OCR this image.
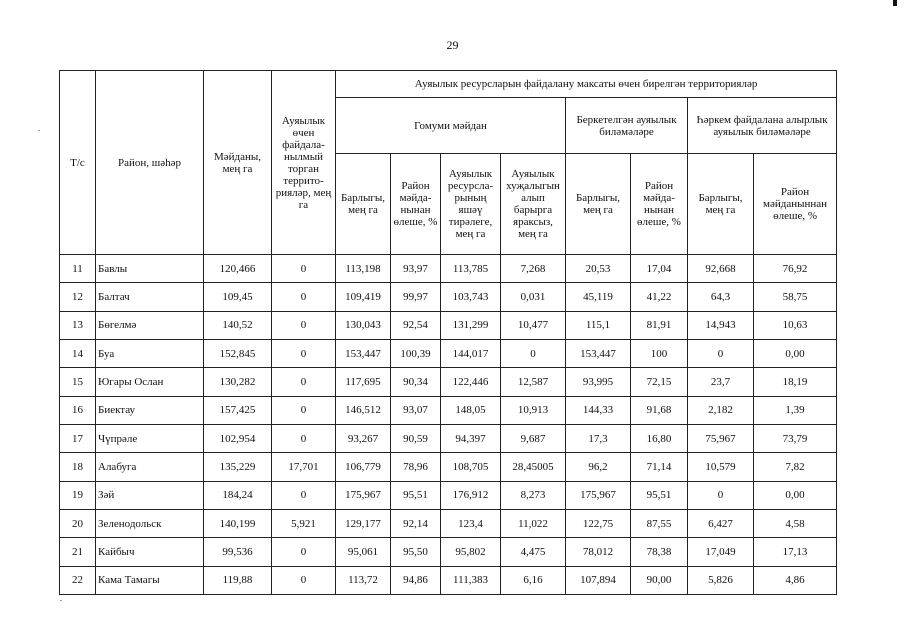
29
Т/с	Район, шәһәр	Мәйданы, мең га	Ауяылык өчен файдала-нылмый торган террито-рияләр, мең га	Ауяылык ресурсларын файдалану максаты өчен бирелгән территорияләр							
				Гомуми мәйдан				Беркетелгән ауяылык биләмәләре		Һәркем файдалана алырлык ауяылык биләмәләре	
				Барлыгы, мең га	Район мәйда-нынан өлеше, %	Ауяылык ресурсла-рының яшәү тирәлеге, мең га	Ауяылык хуҗалыгын алып барырга яраксыз, мең га	Барлыгы, мең га	Район мәйда-нынан өлеше, %	Барлыгы, мең га	Район мәйданыннан өлеше, %
11	Бавлы	120,466	0	113,198	93,97	113,785	7,268	20,53	17,04	92,668	76,92
12	Балтач	109,45	0	109,419	99,97	103,743	0,031	45,119	41,22	64,3	58,75
13	Бөгелмә	140,52	0	130,043	92,54	131,299	10,477	115,1	81,91	14,943	10,63
14	Буа	152,845	0	153,447	100,39	144,017	0	153,447	100	0	0,00
15	Югары Ослан	130,282	0	117,695	90,34	122,446	12,587	93,995	72,15	23,7	18,19
16	Биектау	157,425	0	146,512	93,07	148,05	10,913	144,33	91,68	2,182	1,39
17	Чүпрәле	102,954	0	93,267	90,59	94,397	9,687	17,3	16,80	75,967	73,79
18	Алабуга	135,229	17,701	106,779	78,96	108,705	28,45005	96,2	71,14	10,579	7,82
19	Зәй	184,24	0	175,967	95,51	176,912	8,273	175,967	95,51	0	0,00
20	Зеленодольск	140,199	5,921	129,177	92,14	123,4	11,022	122,75	87,55	6,427	4,58
21	Кайбыч	99,536	0	95,061	95,50	95,802	4,475	78,012	78,38	17,049	17,13
22	Кама Тамагы	119,88	0	113,72	94,86	111,383	6,16	107,894	90,00	5,826	4,86
